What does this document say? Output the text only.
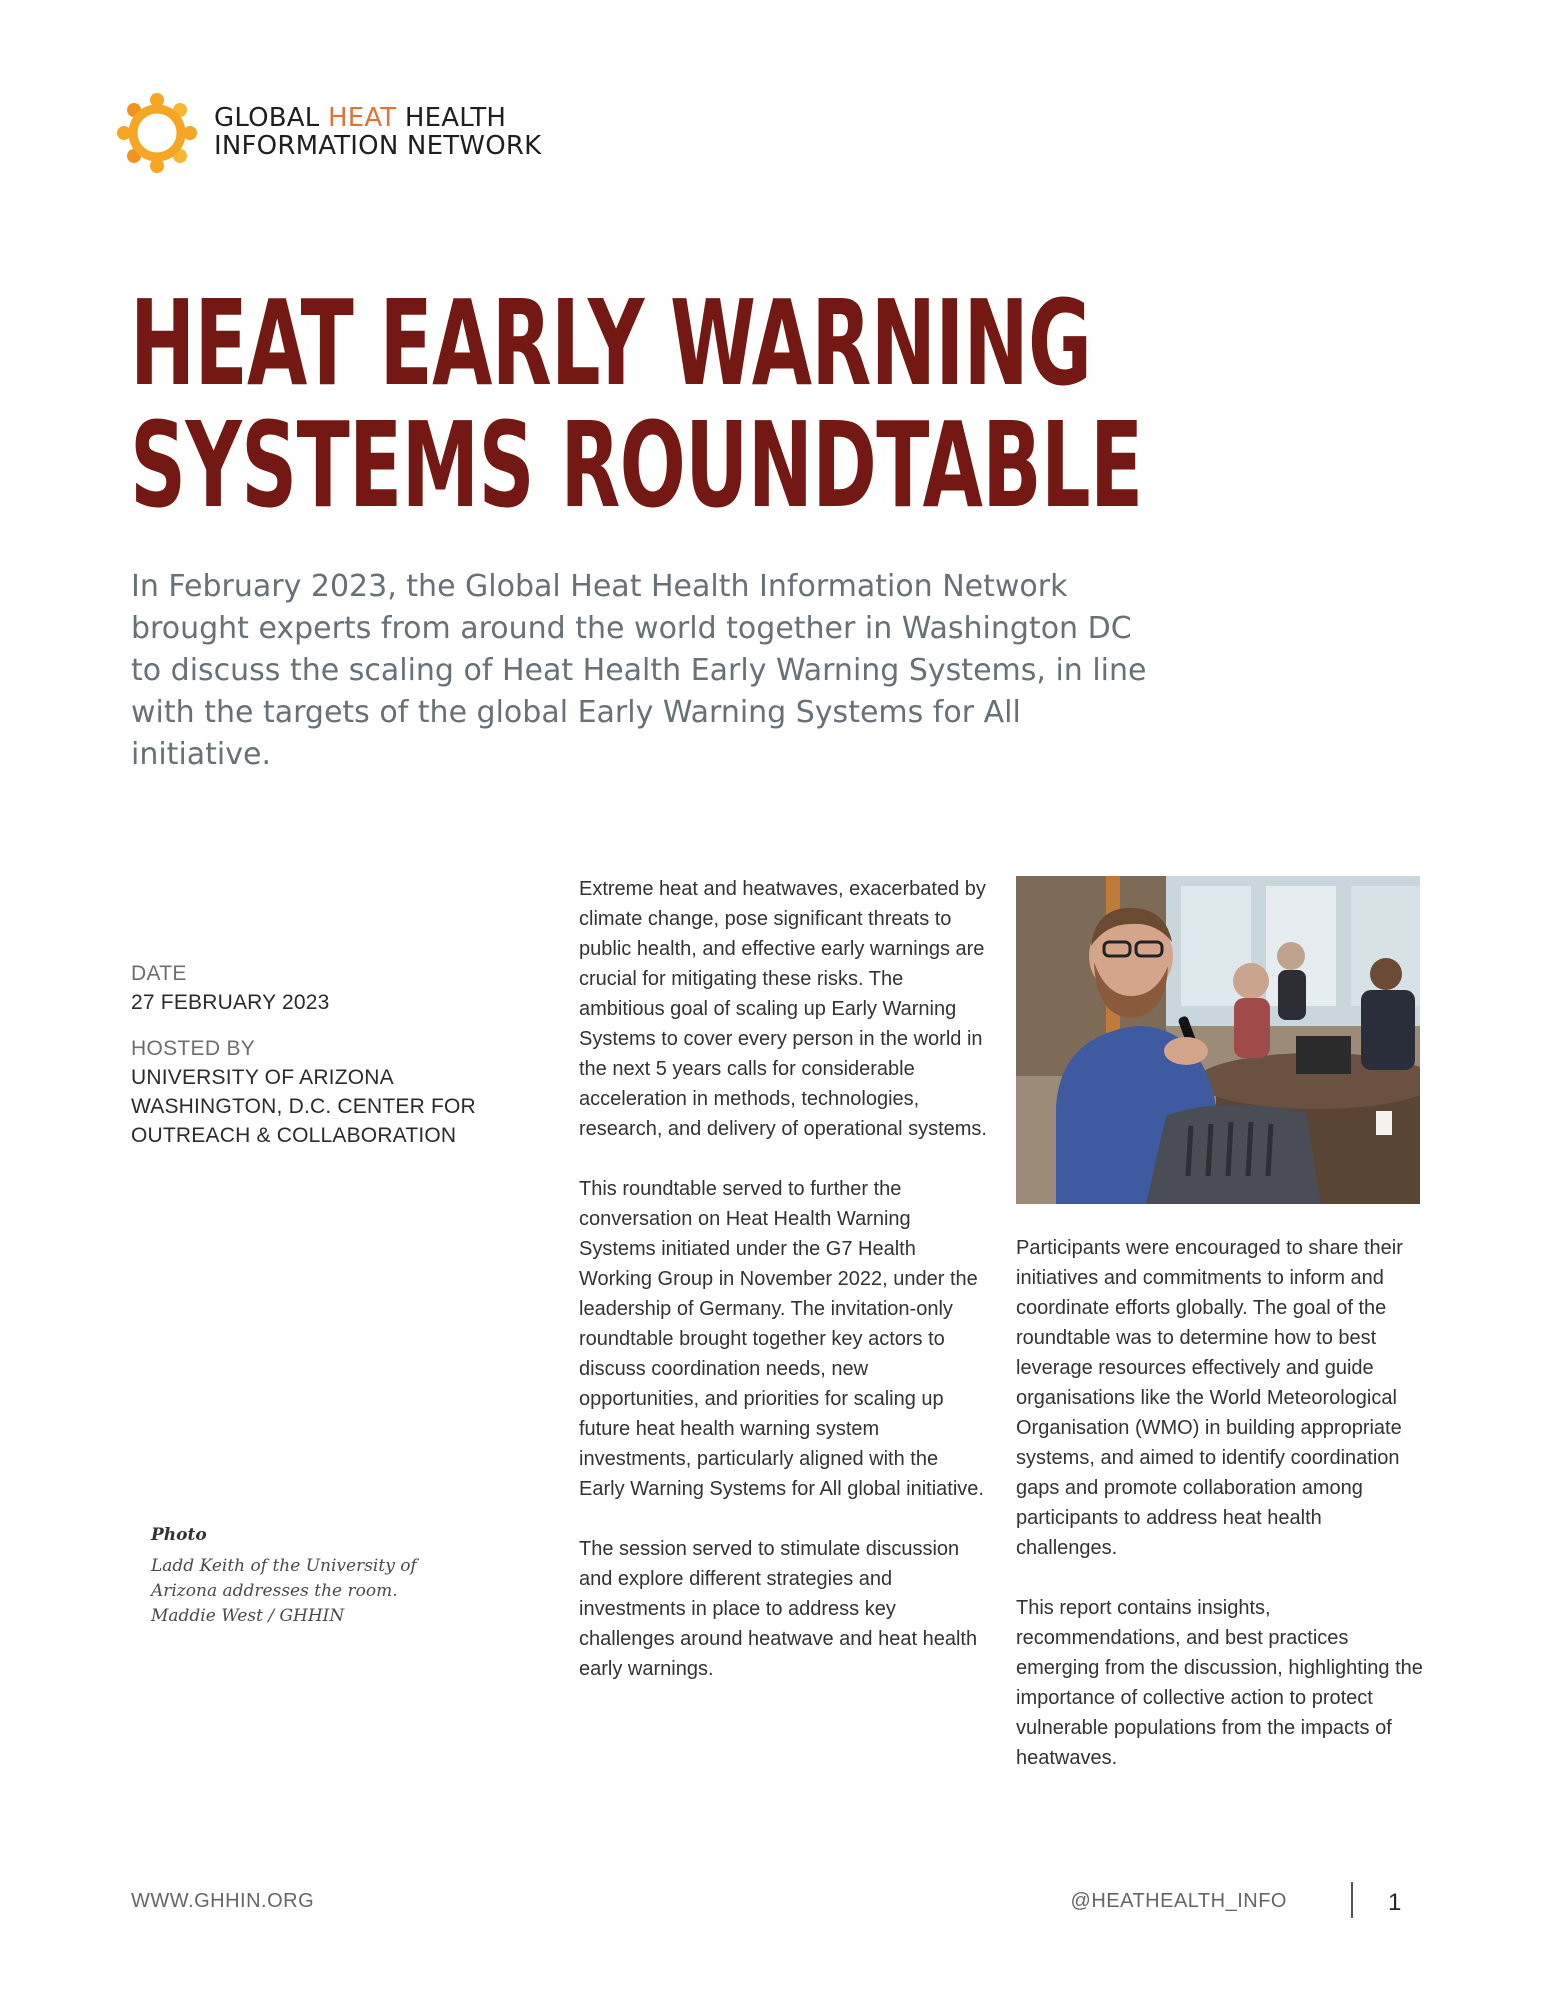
GLOBAL HEAT HEALTH
INFORMATION NETWORK
HEAT EARLY WARNING
SYSTEMS ROUNDTABLE

In February 2023, the Global Heat Health Information Network brought experts from around the world together in Washington DC to discuss the scaling of Heat Health Early Warning Systems, in line with the targets of the global Early Warning Systems for All initiative.

DATE
27 FEBRUARY 2023
HOSTED BY
UNIVERSITY OF ARIZONA
WASHINGTON, D.C. CENTER FOR
OUTREACH & COLLABORATION
Photo
Ladd Keith of the University of
Arizona addresses the room.
Maddie West / GHHIN

Extreme heat and heatwaves, exacerbated by climate change, pose significant threats to public health, and effective early warnings are crucial for mitigating these risks. The ambitious goal of scaling up Early Warning Systems to cover every person in the world in the next 5 years calls for considerable acceleration in methods, technologies, research, and delivery of operational systems.

This roundtable served to further the conversation on Heat Health Warning Systems initiated under the G7 Health Working Group in November 2022, under the leadership of Germany. The invitation-only roundtable brought together key actors to discuss coordination needs, new opportunities, and priorities for scaling up future heat health warning system investments, particularly aligned with the Early Warning Systems for All global initiative.

The session served to stimulate discussion and explore different strategies and investments in place to address key challenges around heatwave and heat health early warnings.

Participants were encouraged to share their initiatives and commitments to inform and coordinate efforts globally. The goal of the roundtable was to determine how to best leverage resources effectively and guide organisations like the World Meteorological Organisation (WMO) in building appropriate systems, and aimed to identify coordination gaps and promote collaboration among participants to address heat health challenges.

This report contains insights, recommendations, and best practices emerging from the discussion, highlighting the importance of collective action to protect vulnerable populations from the impacts of heatwaves.

WWW.GHHIN.ORG	@HEATHEALTH_INFO	1
